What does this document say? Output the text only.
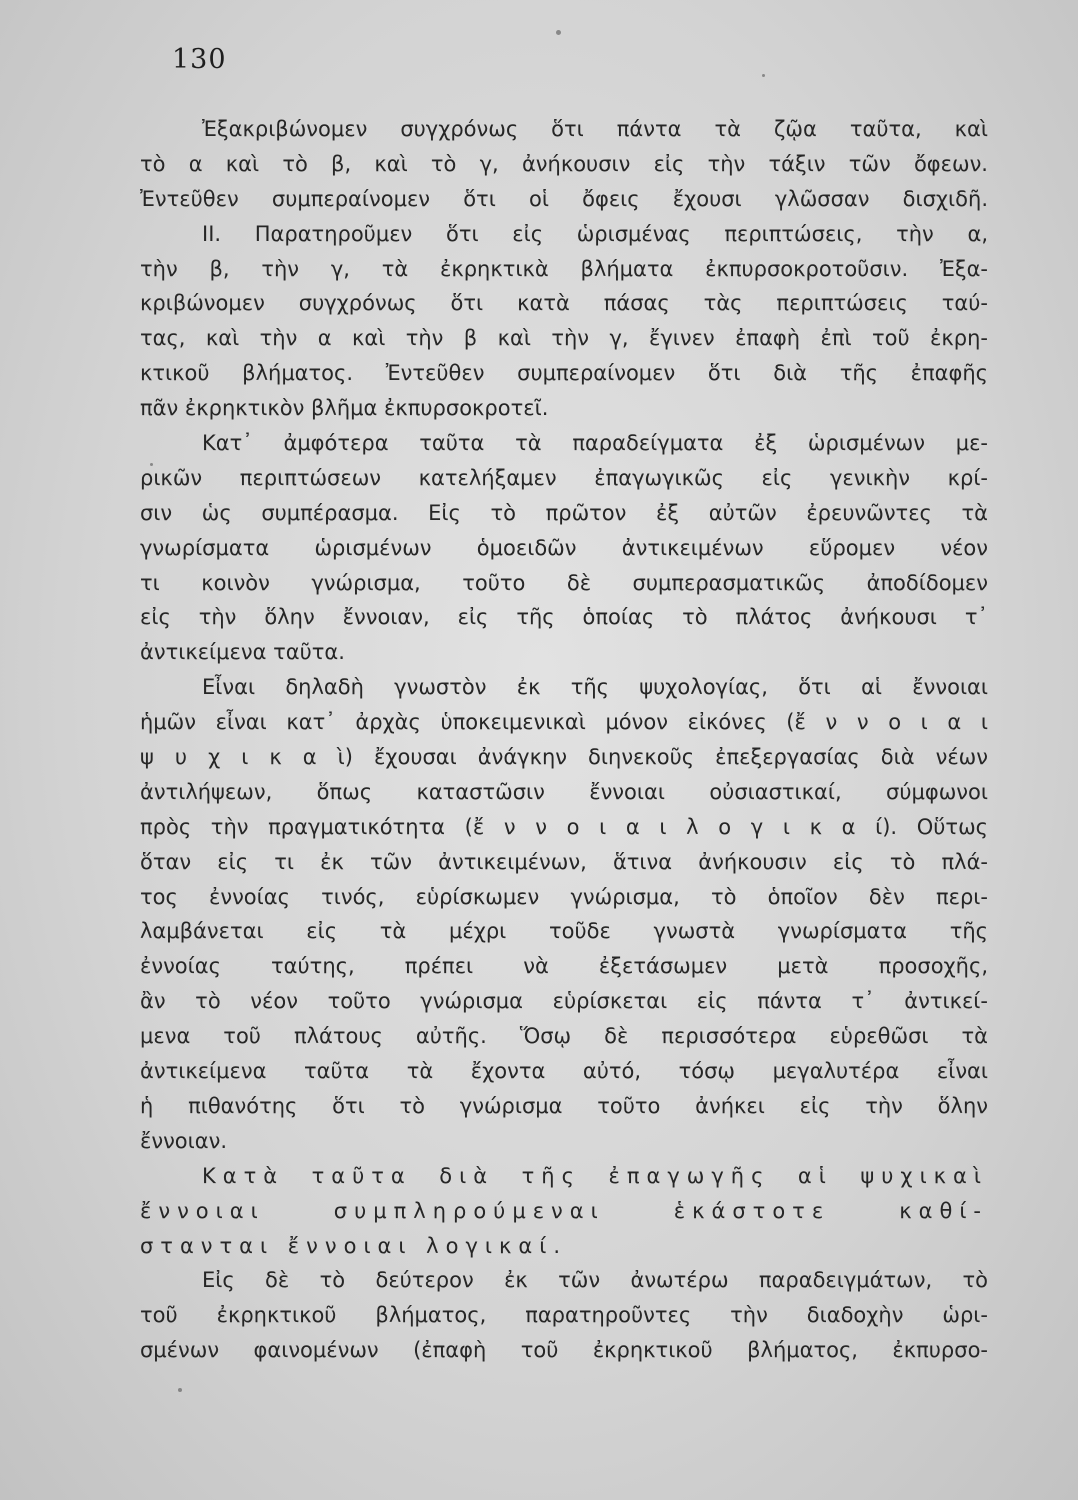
130
Ἐξακριβώνομεν συγχρόνως ὅτι πάντα τὰ ζῷα ταῦτα, καὶ
τὸ α καὶ τὸ β, καὶ τὸ γ, ἀνήκουσιν εἰς τὴν τάξιν τῶν ὄφεων.
Ἐντεῦθεν συμπεραίνομεν ὅτι οἱ ὄφεις ἔχουσι γλῶσσαν δισχιδῆ.
II. Παρατηροῦμεν ὅτι εἰς ὡρισμένας περιπτώσεις, τὴν α,
τὴν β, τὴν γ, τὰ ἐκρηκτικὰ βλήματα ἐκπυρσοκροτοῦσιν. Ἐξα-
κριβώνομεν συγχρόνως ὅτι κατὰ πάσας τὰς περιπτώσεις ταύ-
τας, καὶ τὴν α καὶ τὴν β καὶ τὴν γ, ἔγινεν ἐπαφὴ ἐπὶ τοῦ ἐκρη-
κτικοῦ βλήματος. Ἐντεῦθεν συμπεραίνομεν ὅτι διὰ τῆς ἐπαφῆς
πᾶν ἐκρηκτικὸν βλῆμα ἐκπυρσοκροτεῖ.
Κατ᾿ ἀμφότερα ταῦτα τὰ παραδείγματα ἐξ ὡρισμένων με-
ρικῶν περιπτώσεων κατελήξαμεν ἐπαγωγικῶς εἰς γενικὴν κρί-
σιν ὡς συμπέρασμα. Εἰς τὸ πρῶτον ἐξ αὐτῶν ἐρευνῶντες τὰ
γνωρίσματα ὡρισμένων ὁμοειδῶν ἀντικειμένων εὕρομεν νέον
τι κοινὸν γνώρισμα, τοῦτο δὲ συμπερασματικῶς ἀποδίδομεν
εἰς τὴν ὅλην ἔννοιαν, εἰς τῆς ὁποίας τὸ πλάτος ἀνήκουσι τ᾿
ἀντικείμενα ταῦτα.
Εἶναι δηλαδὴ γνωστὸν ἐκ τῆς ψυχολογίας, ὅτι αἱ ἔννοιαι
ἡμῶν εἶναι κατ᾿ ἀρχὰς ὑποκειμενικαὶ μόνον εἰκόνες (ἔ ν ν ο ι α ι
ψ υ χ ι κ α ὶ) ἔχουσαι ἀνάγκην διηνεκοῦς ἐπεξεργασίας διὰ νέων
ἀντιλήψεων, ὅπως καταστῶσιν ἔννοιαι οὐσιαστικαί, σύμφωνοι
πρὸς τὴν πραγματικότητα (ἔ ν ν ο ι α ι λ ο γ ι κ α ί). Οὕτως
ὅταν εἰς τι ἐκ τῶν ἀντικειμένων, ἅτινα ἀνήκουσιν εἰς τὸ πλά-
τος ἐννοίας τινός, εὑρίσκωμεν γνώρισμα, τὸ ὁποῖον δὲν περι-
λαμβάνεται εἰς τὰ μέχρι τοῦδε γνωστὰ γνωρίσματα τῆς
ἐννοίας ταύτης, πρέπει νὰ ἐξετάσωμεν μετὰ προσοχῆς,
ἂν τὸ νέον τοῦτο γνώρισμα εὑρίσκεται εἰς πάντα τ᾿ ἀντικεί-
μενα τοῦ πλάτους αὐτῆς. Ὅσῳ δὲ περισσότερα εὑρεθῶσι τὰ
ἀντικείμενα ταῦτα τὰ ἔχοντα αὐτό, τόσῳ μεγαλυτέρα εἶναι
ἡ πιθανότης ὅτι τὸ γνώρισμα τοῦτο ἀνήκει εἰς τὴν ὅλην
ἔννοιαν.
Κατὰ ταῦτα διὰ τῆς ἐπαγωγῆς αἱ ψυχικαὶ
ἔννοιαι συμπληρούμεναι ἑκάστοτε καθί-
στανται ἔννοιαι λογικαί.
Εἰς δὲ τὸ δεύτερον ἐκ τῶν ἀνωτέρω παραδειγμάτων, τὸ
τοῦ ἐκρηκτικοῦ βλήματος, παρατηροῦντες τὴν διαδοχὴν ὡρι-
σμένων φαινομένων (ἐπαφὴ τοῦ ἐκρηκτικοῦ βλήματος, ἐκπυρσο-
